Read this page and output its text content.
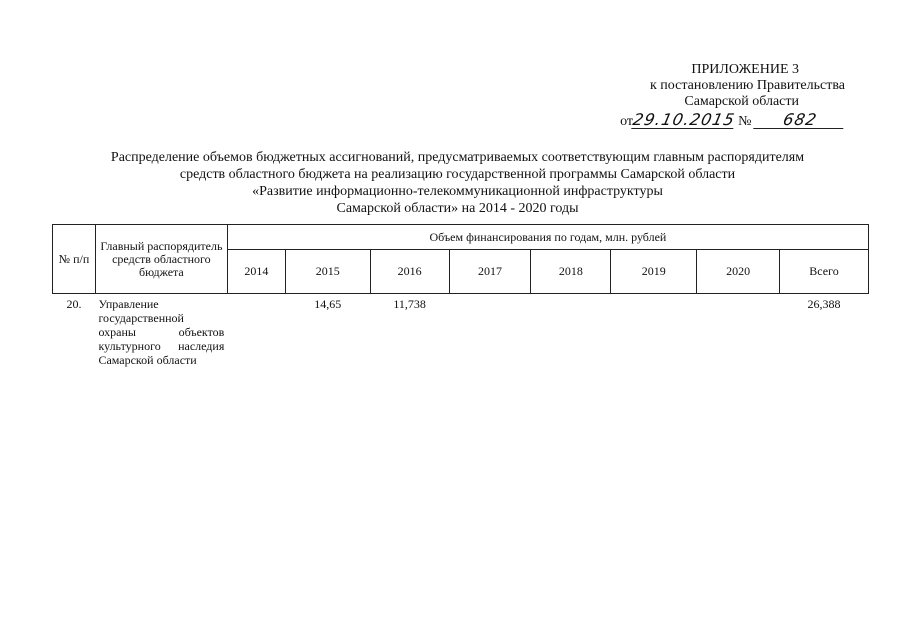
ПРИЛОЖЕНИЕ 3
к постановлению Правительства
Самарской области
от29.10.2015 № 682
Распределение объемов бюджетных ассигнований, предусматриваемых соответствующим главным распорядителям
средств областного бюджета на реализацию государственной программы Самарской области
«Развитие информационно-телекоммуникационной инфраструктуры
Самарской области» на 2014 - 2020 годы
№ п/п	Главный распорядитель средств областного бюджета	Объем финансирования по годам, млн. рублей							
		2014	2015	2016	2017	2018	2019	2020	Всего
20.	Управление государственной охраны объектов культурного наследия Самарской области		14,65	11,738					26,388
